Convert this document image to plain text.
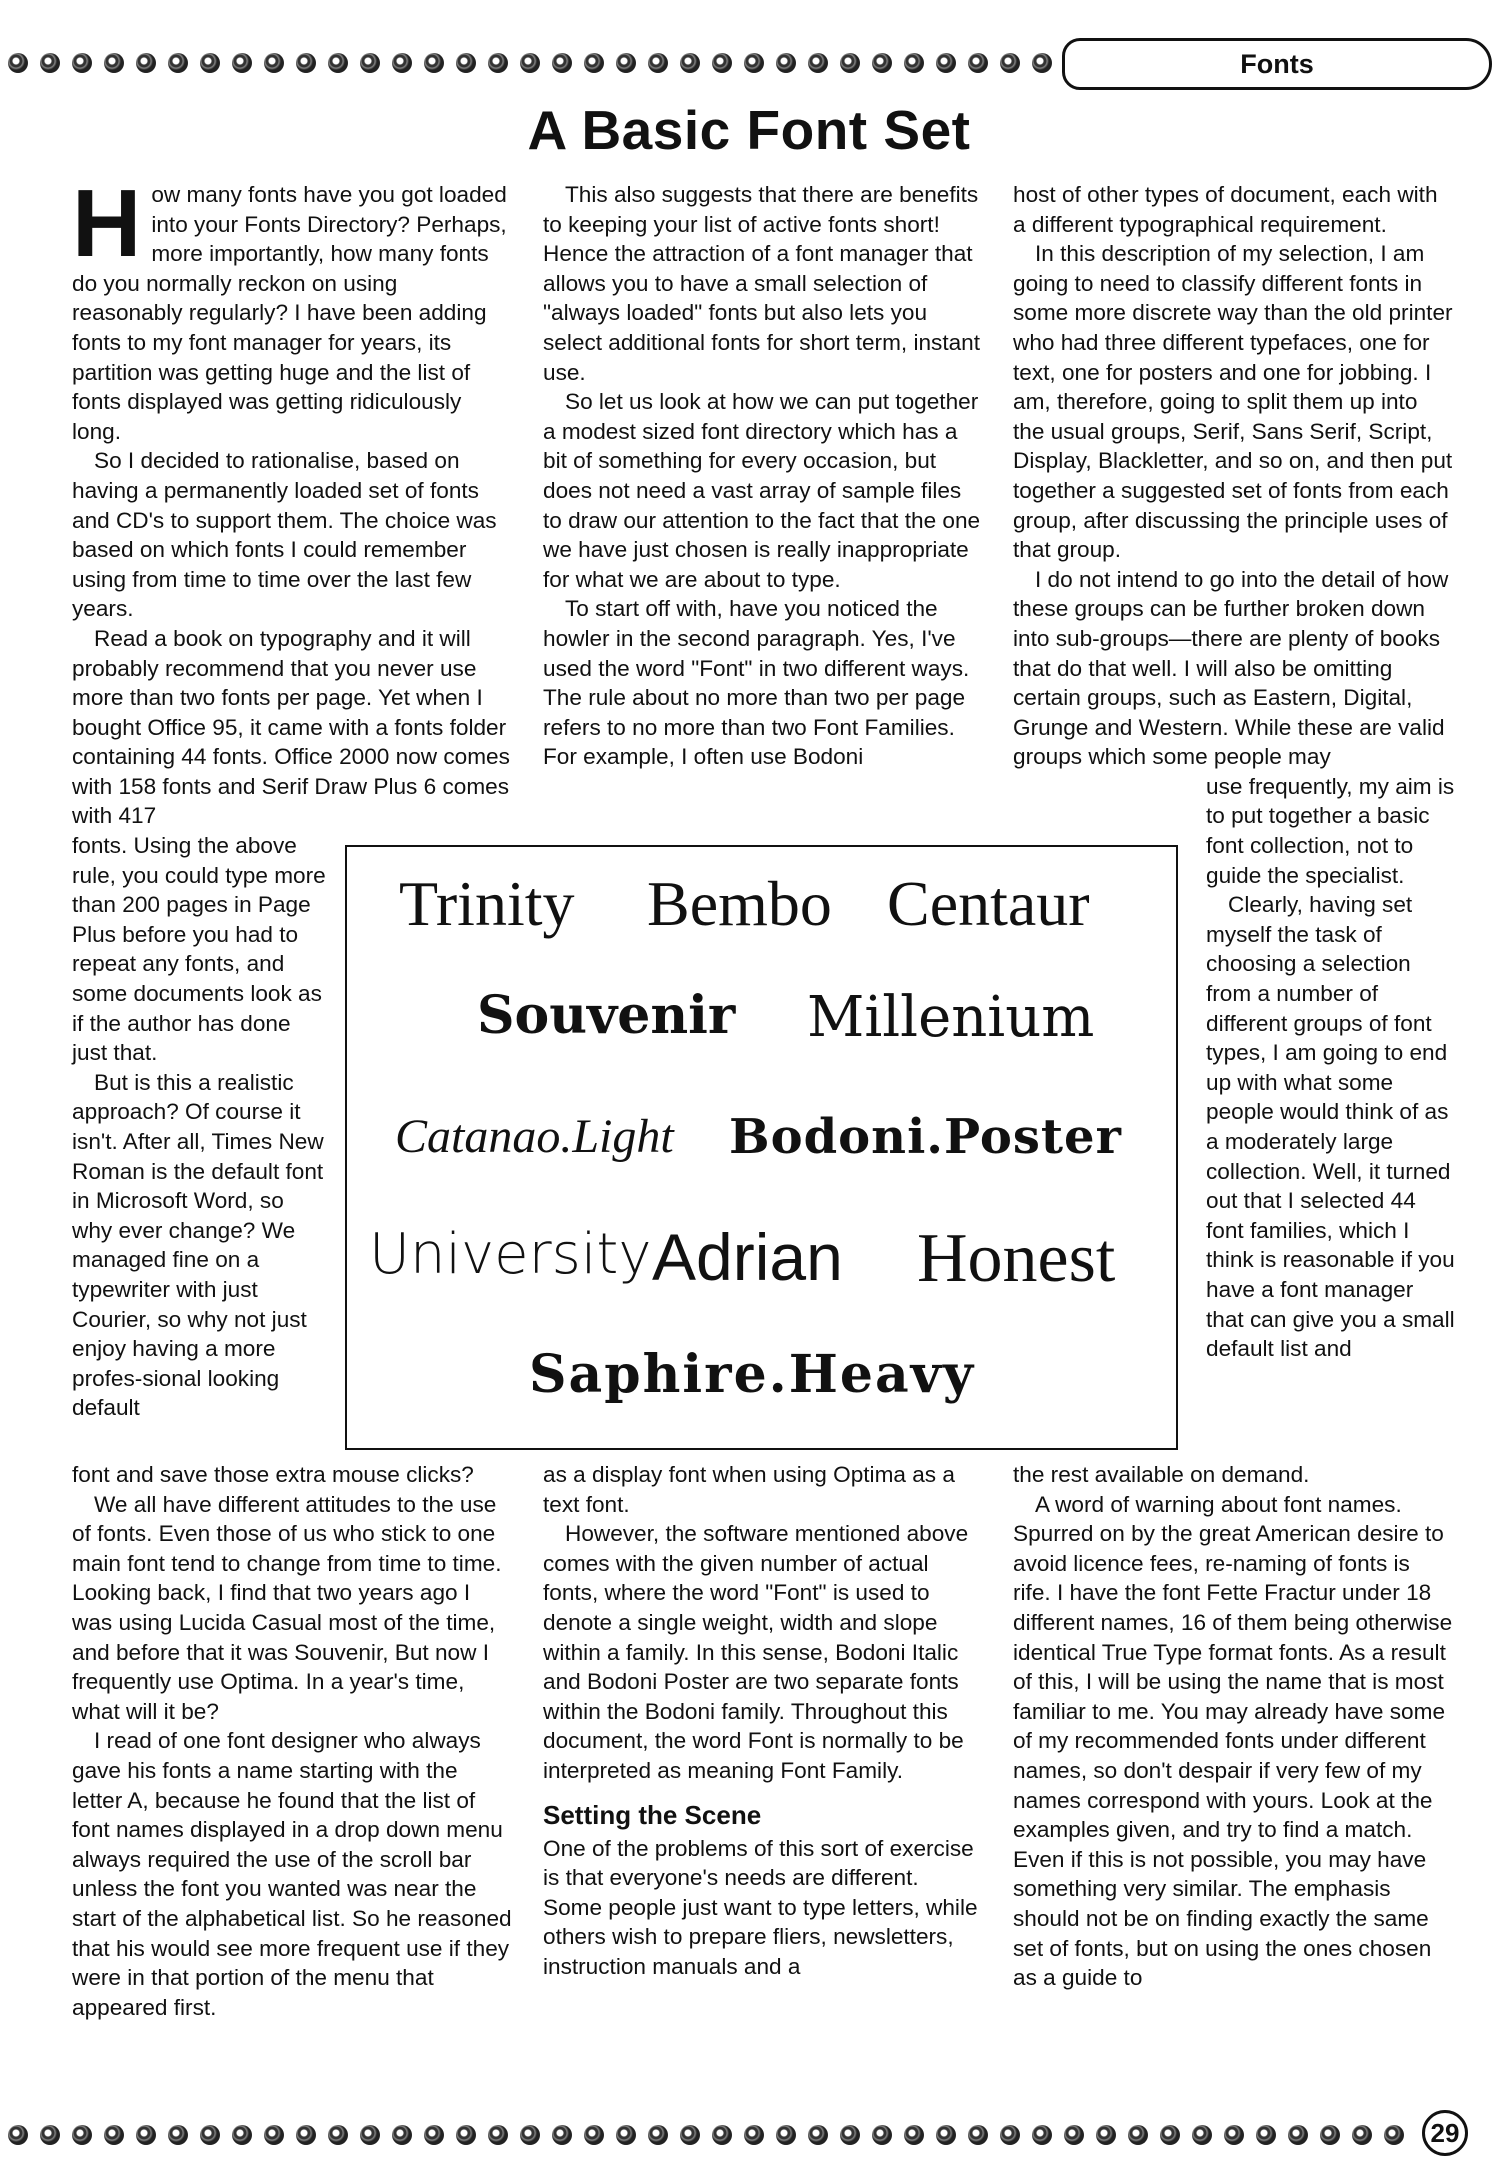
Fonts
A Basic Font Set

How many fonts have you got loaded into your Fonts Directory? Perhaps, more importantly, how many fonts do you normally reckon on using reasonably regularly? I have been adding fonts to my font manager for years, its partition was getting huge and the list of fonts displayed was getting ridiculously long.

So I decided to rationalise, based on having a permanently loaded set of fonts and CD's to support them. The choice was based on which fonts I could remember using from time to time over the last few years.

Read a book on typography and it will probably recommend that you never use more than two fonts per page. Yet when I bought Office 95, it came with a fonts folder containing 44 fonts. Office 2000 now comes with 158 fonts and Serif Draw Plus 6 comes with 417

fonts. Using the above rule, you could type more than 200 pages in Page Plus before you had to repeat any fonts, and some documents look as if the author has done just that.

But is this a realistic approach? Of course it isn't. After all, Times New Roman is the default font in Microsoft Word, so why ever change? We managed fine on a typewriter with just Courier, so why not just enjoy having a more profes-sional looking default

This also suggests that there are benefits to keeping your list of active fonts short! Hence the attraction of a font manager that allows you to have a small selection of "always loaded" fonts but also lets you select additional fonts for short term, instant use.

So let us look at how we can put together a modest sized font directory which has a bit of something for every occasion, but does not need a vast array of sample files to draw our attention to the fact that the one we have just chosen is really inappropriate for what we are about to type.

To start off with, have you noticed the howler in the second paragraph. Yes, I've used the word "Font" in two different ways. The rule about no more than two per page refers to no more than two Font Families. For example, I often use Bodoni

host of other types of document, each with a different typographical requirement.

In this description of my selection, I am going to need to classify different fonts in some more discrete way than the old printer who had three different typefaces, one for text, one for posters and one for jobbing. I am, therefore, going to split them up into the usual groups, Serif, Sans Serif, Script, Display, Blackletter, and so on, and then put together a suggested set of fonts from each group, after discussing the principle uses of that group.

I do not intend to go into the detail of how these groups can be further broken down into sub-groups—there are plenty of books that do that well. I will also be omitting certain groups, such as Eastern, Digital, Grunge and Western. While these are valid groups which some people may

use frequently, my aim is to put together a basic font collection, not to guide the specialist.

Clearly, having set myself the task of choosing a selection from a number of different groups of font types, I am going to end up with what some people would think of as a moderately large collection. Well, it turned out that I selected 44 font families, which I think is reasonable if you have a font manager that can give you a small default list and

Trinity Bembo Centaur
Souvenir Millenium
Catanao.Light Bodoni.Poster
University Adrian Honest
Saphire.Heavy

font and save those extra mouse clicks?

We all have different attitudes to the use of fonts. Even those of us who stick to one main font tend to change from time to time. Looking back, I find that two years ago I was using Lucida Casual most of the time, and before that it was Souvenir, But now I frequently use Optima. In a year's time, what will it be?

I read of one font designer who always gave his fonts a name starting with the letter A, because he found that the list of font names displayed in a drop down menu always required the use of the scroll bar unless the font you wanted was near the start of the alphabetical list. So he reasoned that his would see more frequent use if they were in that portion of the menu that appeared first.

as a display font when using Optima as a text font.

However, the software mentioned above comes with the given number of actual fonts, where the word "Font" is used to denote a single weight, width and slope within a family. In this sense, Bodoni Italic and Bodoni Poster are two separate fonts within the Bodoni family. Throughout this document, the word Font is normally to be interpreted as meaning Font Family.

Setting the Scene

One of the problems of this sort of exercise is that everyone's needs are different. Some people just want to type letters, while others wish to prepare fliers, newsletters, instruction manuals and a

the rest available on demand.

A word of warning about font names. Spurred on by the great American desire to avoid licence fees, re-naming of fonts is rife. I have the font Fette Fractur under 18 different names, 16 of them being otherwise identical True Type format fonts. As a result of this, I will be using the name that is most familiar to me. You may already have some of my recommended fonts under different names, so don't despair if very few of my names correspond with yours. Look at the examples given, and try to find a match. Even if this is not possible, you may have something very similar. The emphasis should not be on finding exactly the same set of fonts, but on using the ones chosen as a guide to

29
